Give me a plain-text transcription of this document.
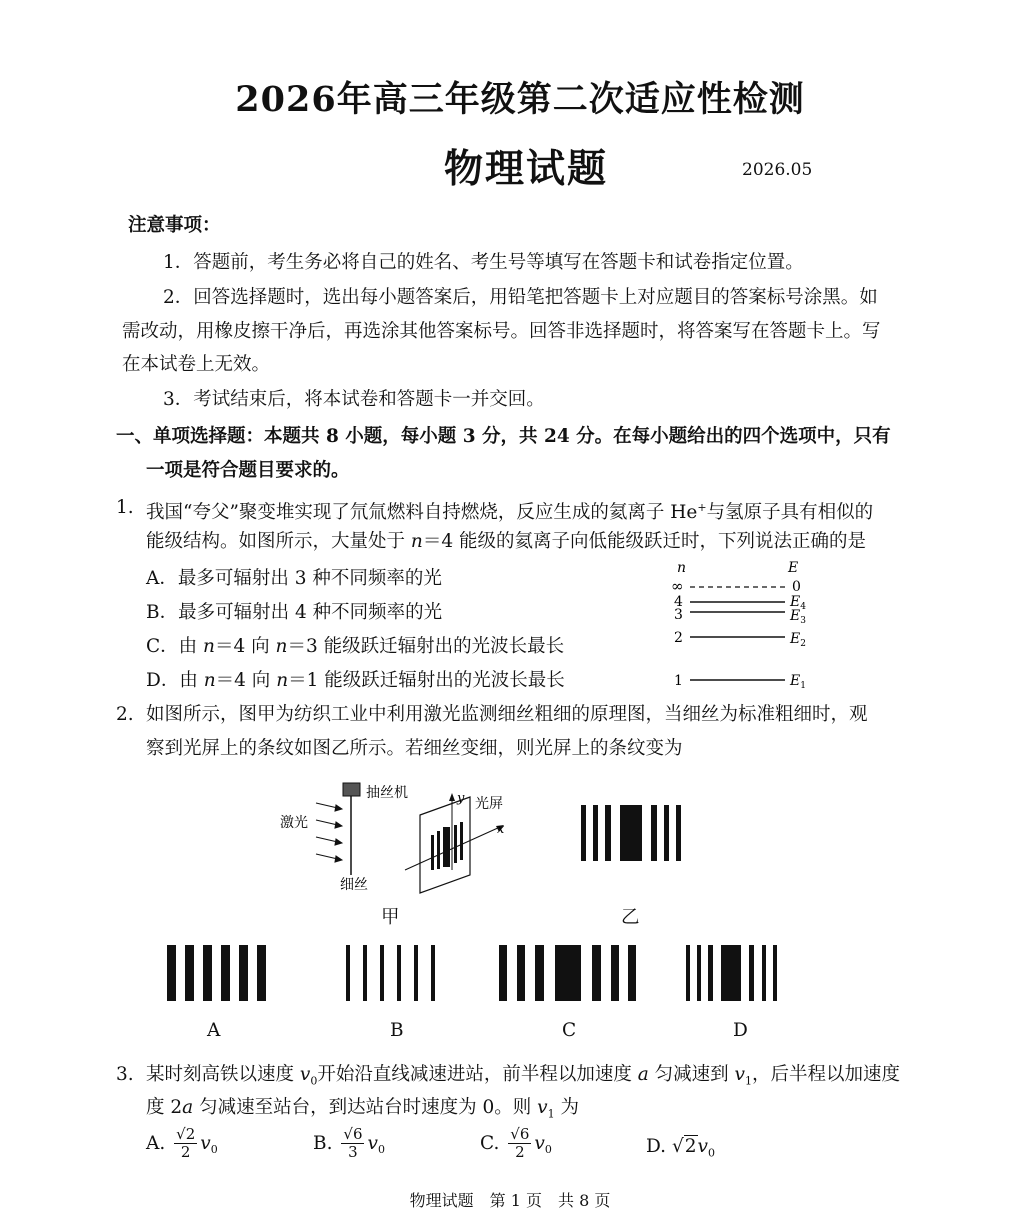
2026年高三年级第二次适应性检测
物理试题	2026.05
注意事项：
1．答题前，考生务必将自己的姓名、考生号等填写在答题卡和试卷指定位置。
2．回答选择题时，选出每小题答案后，用铅笔把答题卡上对应题目的答案标号涂黑。如
需改动，用橡皮擦干净后，再选涂其他答案标号。回答非选择题时，将答案写在答题卡上。写
在本试卷上无效。
3．考试结束后，将本试卷和答题卡一并交回。
一、单项选择题：本题共 8 小题，每小题 3 分，共 24 分。在每小题给出的四个选项中，只有
一项是符合题目要求的。
1. 我国“夸父”聚变堆实现了氘氚燃料自持燃烧，反应生成的氦离子 He+与氢原子具有相似的
能级结构。如图所示，大量处于 n＝4 能级的氦离子向低能级跃迁时，下列说法正确的是
A．最多可辐射出 3 种不同频率的光
B．最多可辐射出 4 种不同频率的光
C．由 n＝4 向 n＝3 能级跃迁辐射出的光波长最长
D．由 n＝4 向 n＝1 能级跃迁辐射出的光波长最长
n	E
∞	0
4	$E_4$
3	$E_3$
2	$E_2$
1	$E_1$
2. 如图所示，图甲为纺织工业中利用激光监测细丝粗细的原理图，当细丝为标准粗细时，观
察到光屏上的条纹如图乙所示。若细丝变细，则光屏上的条纹变为
抽丝机
激光
细丝
y
x
光屏
甲	乙
A	B	C	D
3. 某时刻高铁以速度 $v_0$开始沿直线减速进站，前半程以加速度 a 匀减速到 $v_1$，后半程以加速度
度 2a 匀减速至站台，到达站台时速度为 0。则 $v_1$ 为
A. $\frac{√2}{2} v_0$	B. $\frac{√6}{3} v_0$	C. $\frac{√6}{2} v_0$	D. $√2v_0$
物理试题　第 1 页　共 8 页
